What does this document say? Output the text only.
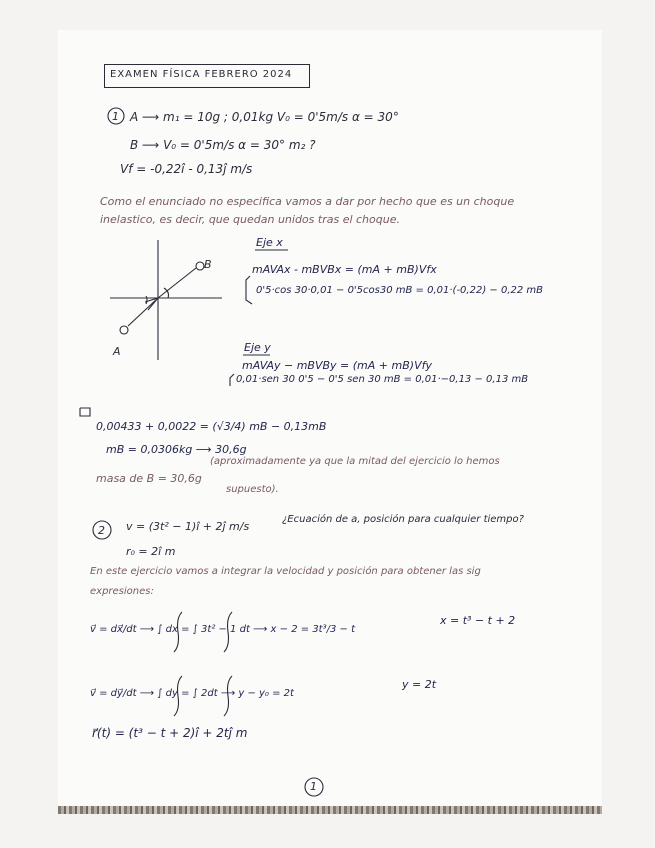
EXAMEN FÍSICA FEBRERO 2024
1 A ⟶ m₁ = 10g ; 0,01kg V₀ = 0'5m/s α = 30°
B ⟶ V₀ = 0'5m/s α = 30° m₂ ?
Vf = -0,22î - 0,13ĵ m/s
Como el enunciado no especifica vamos a dar por hecho que es un choque
inelastico, es decir, que quedan unidos tras el choque.
B
A
Eje x
mAVAx - mBVBx = (mA + mB)Vfx
0'5·cos 30·0,01 − 0'5cos30 mB = 0,01·(-0,22) − 0,22 mB
Eje y
mAVAy − mBVBy = (mA + mB)Vfy
0,01·sen 30 0'5 − 0'5 sen 30 mB = 0,01·−0,13 − 0,13 mB
0,00433 + 0,0022 = (√3/4) mB − 0,13mB
mB = 0,0306kg ⟶ 30,6g
masa de B = 30,6g
(aproximadamente ya que la mitad del ejercicio lo hemos
supuesto).
2 v = (3t² − 1)î + 2ĵ m/s
¿Ecuación de a, posición para cualquier tiempo?
r₀ = 2î m
En este ejercicio vamos a integrar la velocidad y posición para obtener las sig
expresiones:
v⃗ = dx⃗/dt ⟶ ∫ dx = ∫ 3t² − 1 dt ⟶ x − 2 = 3t³/3 − t
x = t³ − t + 2
v⃗ = dy⃗/dt ⟶ ∫ dy = ∫ 2dt ⟶ y − y₀ = 2t
y = 2t
r⃗(t) = (t³ − t + 2)î + 2tĵ m
1
